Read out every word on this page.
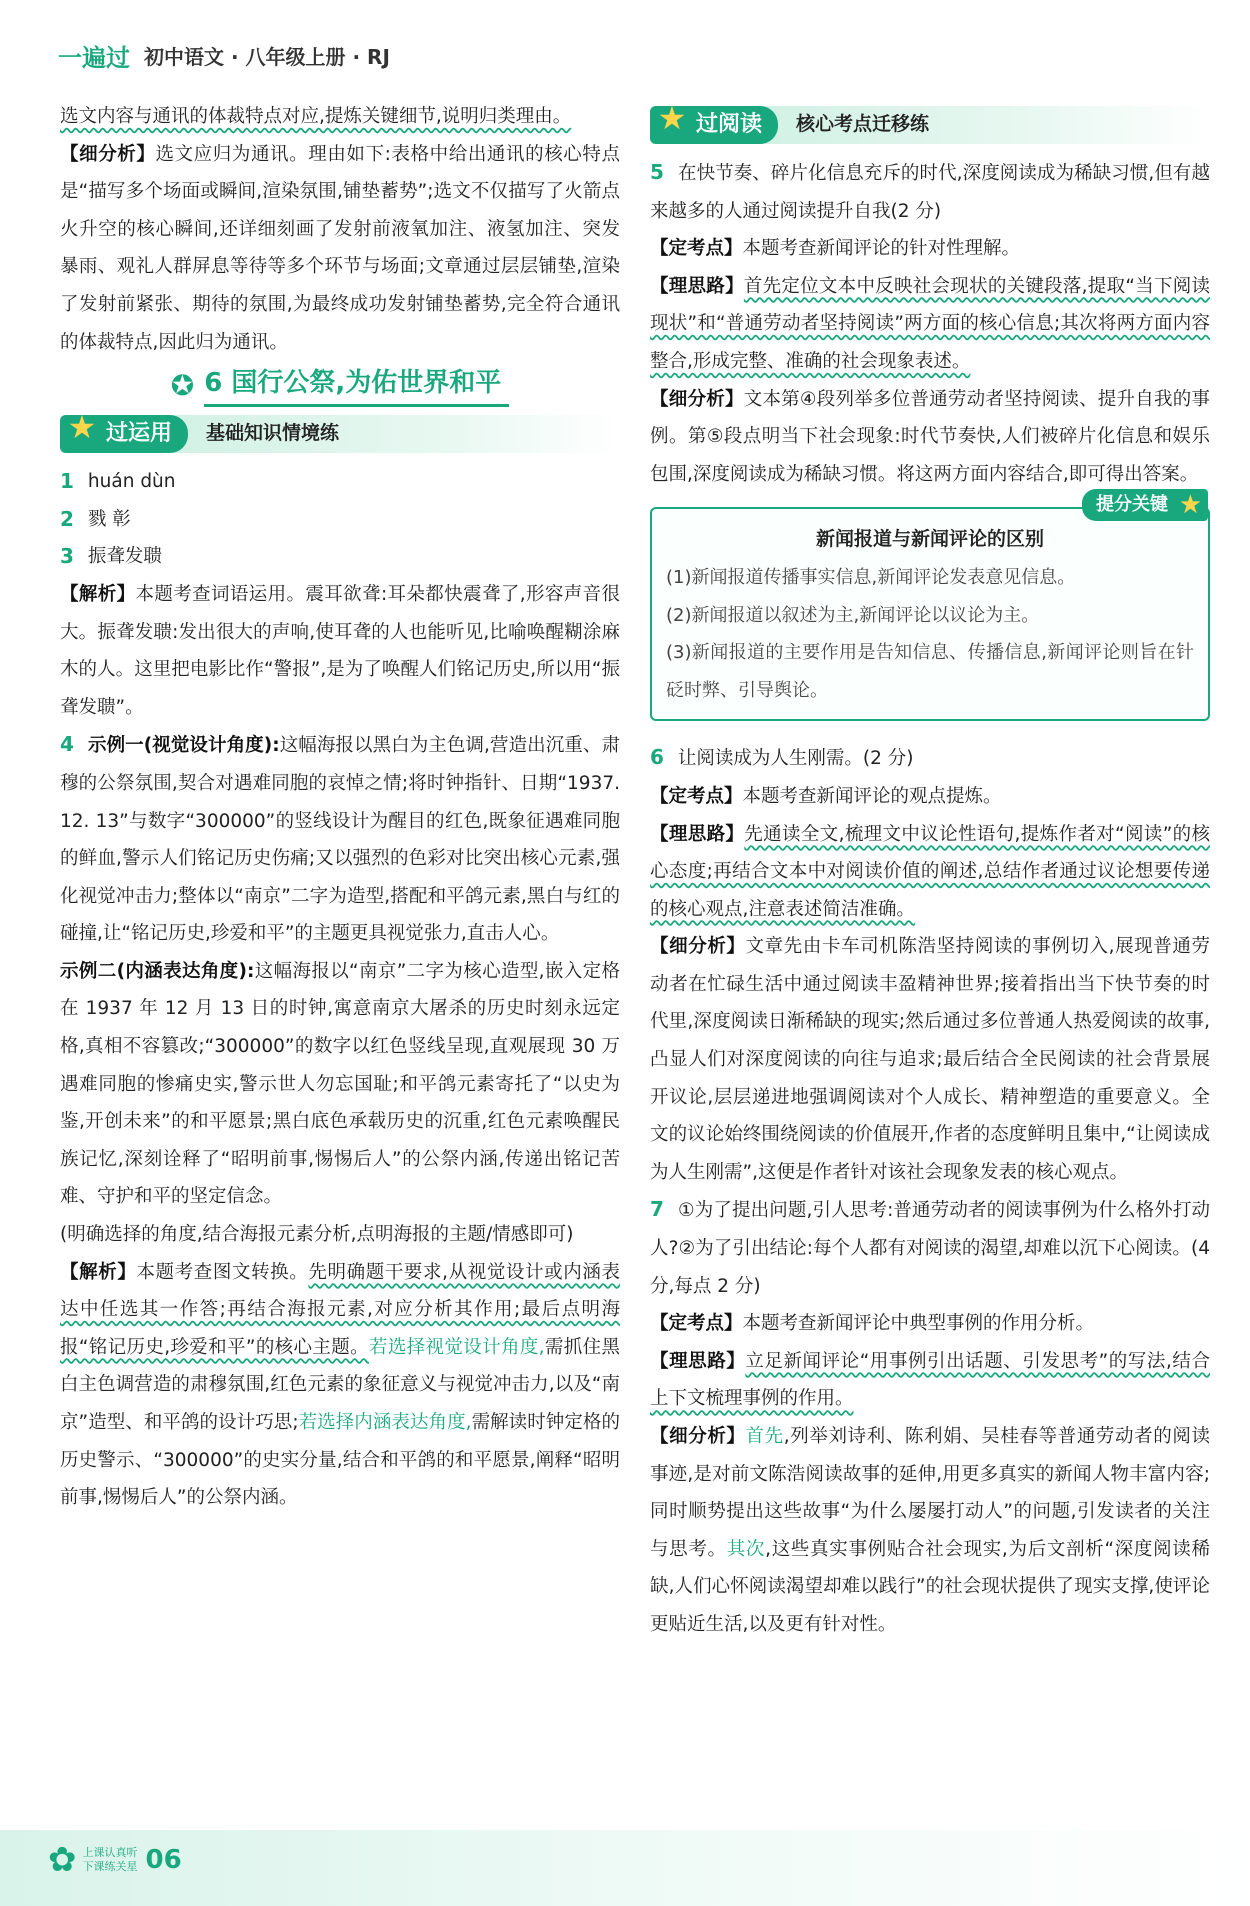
一遍过 初中语文 · 八年级上册 · RJ

选文内容与通讯的体裁特点对应,提炼关键细节,说明归类理由。

【细分析】选文应归为通讯。理由如下:表格中给出通讯的核心特点是“描写多个场面或瞬间,渲染氛围,铺垫蓄势”;选文不仅描写了火箭点火升空的核心瞬间,还详细刻画了发射前液氧加注、液氢加注、突发暴雨、观礼人群屏息等待等多个环节与场面;文章通过层层铺垫,渲染了发射前紧张、期待的氛围,为最终成功发射铺垫蓄势,完全符合通讯的体裁特点,因此归为通讯。

✪ 6 国行公祭,为佑世界和平
★ 过运用	基础知识情境练
1 huán dùn
2 戮 彰
3 振聋发聩

【解析】本题考查词语运用。震耳欲聋:耳朵都快震聋了,形容声音很大。振聋发聩:发出很大的声响,使耳聋的人也能听见,比喻唤醒糊涂麻木的人。这里把电影比作“警报”,是为了唤醒人们铭记历史,所以用“振聋发聩”。

4 示例一(视觉设计角度):这幅海报以黑白为主色调,营造出沉重、肃穆的公祭氛围,契合对遇难同胞的哀悼之情;将时钟指针、日期“1937. 12. 13”与数字“300000”的竖线设计为醒目的红色,既象征遇难同胞的鲜血,警示人们铭记历史伤痛;又以强烈的色彩对比突出核心元素,强化视觉冲击力;整体以“南京”二字为造型,搭配和平鸽元素,黑白与红的碰撞,让“铭记历史,珍爱和平”的主题更具视觉张力,直击人心。

示例二(内涵表达角度):这幅海报以“南京”二字为核心造型,嵌入定格在 1937 年 12 月 13 日的时钟,寓意南京大屠杀的历史时刻永远定格,真相不容篡改;“300000”的数字以红色竖线呈现,直观展现 30 万遇难同胞的惨痛史实,警示世人勿忘国耻;和平鸽元素寄托了“以史为鉴,开创未来”的和平愿景;黑白底色承载历史的沉重,红色元素唤醒民族记忆,深刻诠释了“昭明前事,惕惕后人”的公祭内涵,传递出铭记苦难、守护和平的坚定信念。

(明确选择的角度,结合海报元素分析,点明海报的主题/情感即可)

【解析】本题考查图文转换。先明确题干要求,从视觉设计或内涵表达中任选其一作答;再结合海报元素,对应分析其作用;最后点明海报“铭记历史,珍爱和平”的核心主题。若选择视觉设计角度,需抓住黑白主色调营造的肃穆氛围,红色元素的象征意义与视觉冲击力,以及“南京”造型、和平鸽的设计巧思;若选择内涵表达角度,需解读时钟定格的历史警示、“300000”的史实分量,结合和平鸽的和平愿景,阐释“昭明前事,惕惕后人”的公祭内涵。

★ 过阅读	核心考点迁移练

5 在快节奏、碎片化信息充斥的时代,深度阅读成为稀缺习惯,但有越来越多的人通过阅读提升自我(2 分)

【定考点】本题考查新闻评论的针对性理解。

【理思路】首先定位文本中反映社会现状的关键段落,提取“当下阅读现状”和“普通劳动者坚持阅读”两方面的核心信息;其次将两方面内容整合,形成完整、准确的社会现象表述。

【细分析】文本第④段列举多位普通劳动者坚持阅读、提升自我的事例。第⑤段点明当下社会现象:时代节奏快,人们被碎片化信息和娱乐包围,深度阅读成为稀缺习惯。将这两方面内容结合,即可得出答案。

提分关键 ★
新闻报道与新闻评论的区别

(1)新闻报道传播事实信息,新闻评论发表意见信息。

(2)新闻报道以叙述为主,新闻评论以议论为主。

(3)新闻报道的主要作用是告知信息、传播信息,新闻评论则旨在针砭时弊、引导舆论。

6 让阅读成为人生刚需。(2 分)

【定考点】本题考查新闻评论的观点提炼。

【理思路】先通读全文,梳理文中议论性语句,提炼作者对“阅读”的核心态度;再结合文本中对阅读价值的阐述,总结作者通过议论想要传递的核心观点,注意表述简洁准确。

【细分析】文章先由卡车司机陈浩坚持阅读的事例切入,展现普通劳动者在忙碌生活中通过阅读丰盈精神世界;接着指出当下快节奏的时代里,深度阅读日渐稀缺的现实;然后通过多位普通人热爱阅读的故事,凸显人们对深度阅读的向往与追求;最后结合全民阅读的社会背景展开议论,层层递进地强调阅读对个人成长、精神塑造的重要意义。全文的议论始终围绕阅读的价值展开,作者的态度鲜明且集中,“让阅读成为人生刚需”,这便是作者针对该社会现象发表的核心观点。

7 ①为了提出问题,引人思考:普通劳动者的阅读事例为什么格外打动人?②为了引出结论:每个人都有对阅读的渴望,却难以沉下心阅读。(4 分,每点 2 分)

【定考点】本题考查新闻评论中典型事例的作用分析。

【理思路】立足新闻评论“用事例引出话题、引发思考”的写法,结合上下文梳理事例的作用。

【细分析】首先,列举刘诗利、陈利娟、吴桂春等普通劳动者的阅读事迹,是对前文陈浩阅读故事的延伸,用更多真实的新闻人物丰富内容;同时顺势提出这些故事“为什么屡屡打动人”的问题,引发读者的关注与思考。其次,这些真实事例贴合社会现实,为后文剖析“深度阅读稀缺,人们心怀阅读渴望却难以践行”的社会现状提供了现实支撑,使评论更贴近生活,以及更有针对性。

✿ 上课认真听
下课练关星 06
